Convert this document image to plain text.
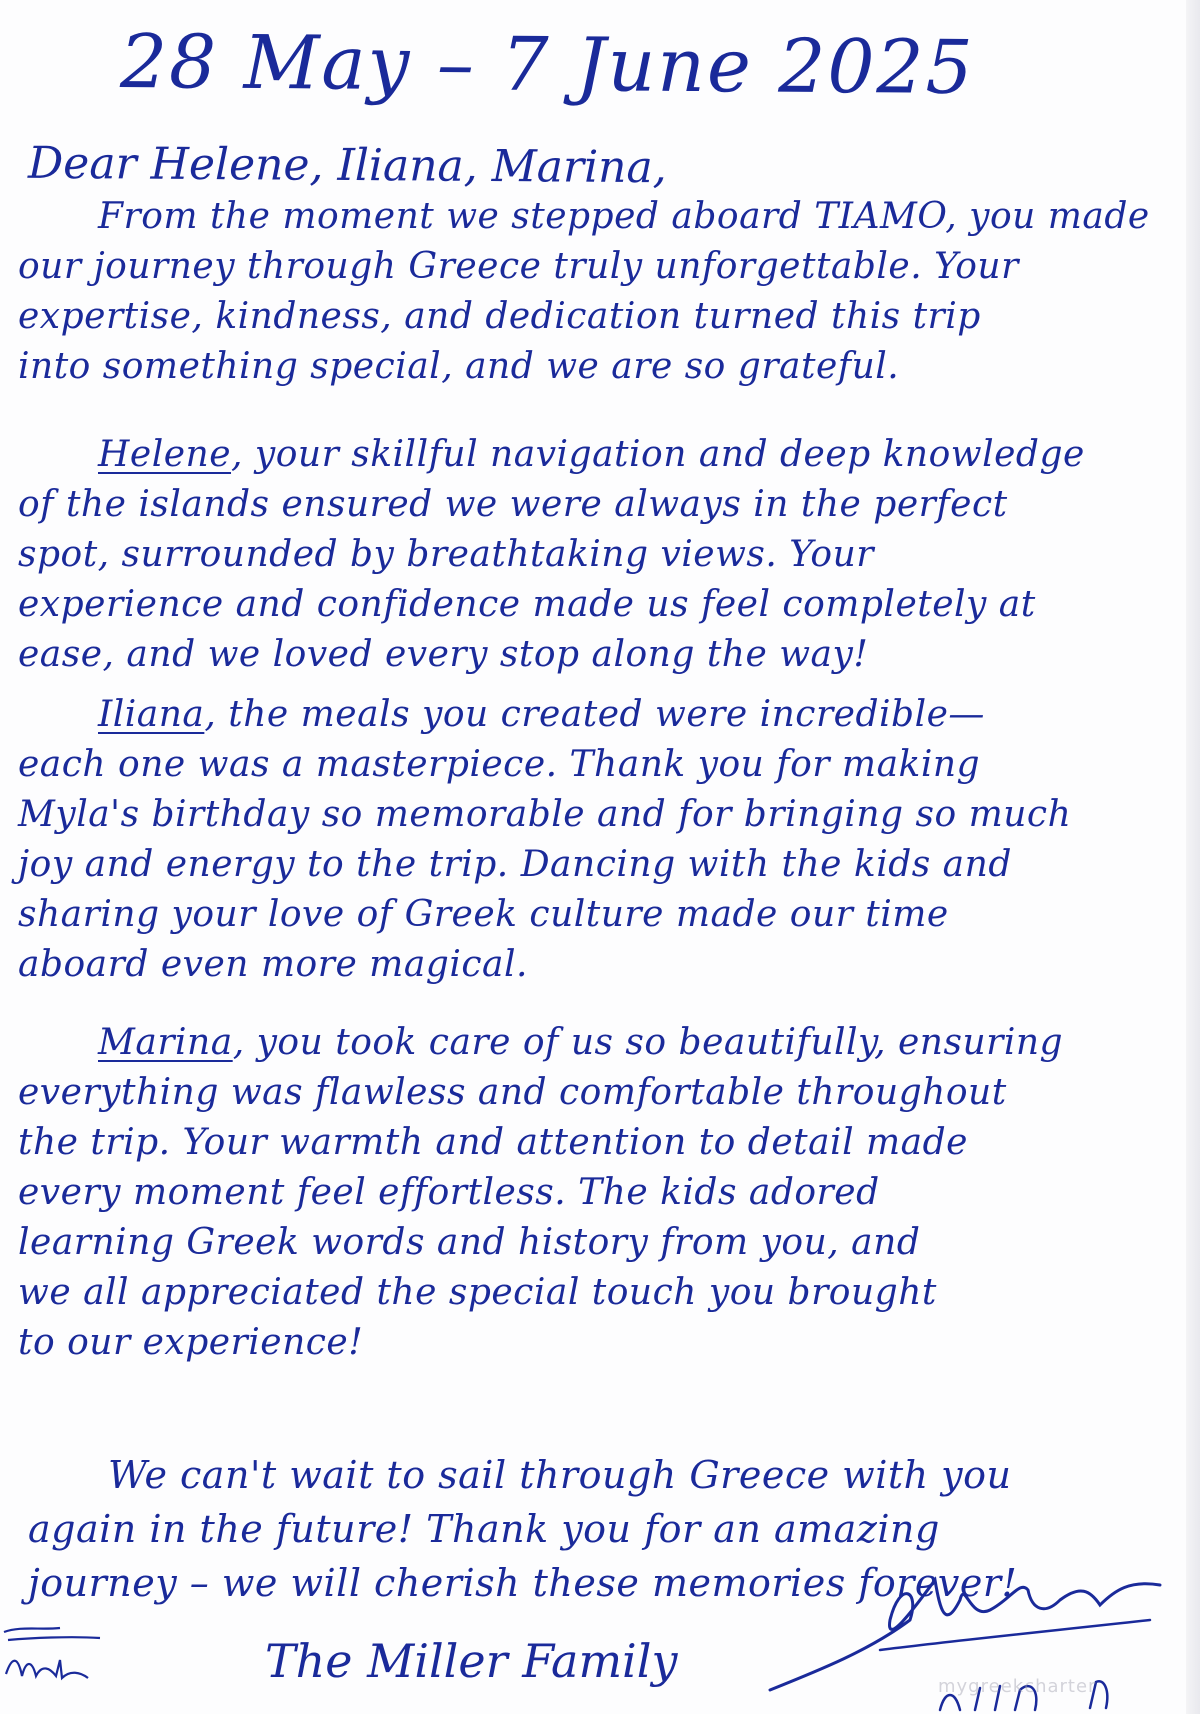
28 May – 7 June 2025
Dear Helene, Iliana, Marina,
From the moment we stepped aboard TIAMO, you made
our journey through Greece truly unforgettable. Your
expertise, kindness, and dedication turned this trip
into something special, and we are so grateful.
Helene, your skillful navigation and deep knowledge
of the islands ensured we were always in the perfect
spot, surrounded by breathtaking views. Your
experience and confidence made us feel completely at
ease, and we loved every stop along the way!
Iliana, the meals you created were incredible—
each one was a masterpiece. Thank you for making
Myla's birthday so memorable and for bringing so much
joy and energy to the trip. Dancing with the kids and
sharing your love of Greek culture made our time
aboard even more magical.
Marina, you took care of us so beautifully, ensuring
everything was flawless and comfortable throughout
the trip. Your warmth and attention to detail made
every moment feel effortless. The kids adored
learning Greek words and history from you, and
we all appreciated the special touch you brought
to our experience!
We can't wait to sail through Greece with you
again in the future! Thank you for an amazing
journey – we will cherish these memories forever!
The Miller Family	mygreekcharter
